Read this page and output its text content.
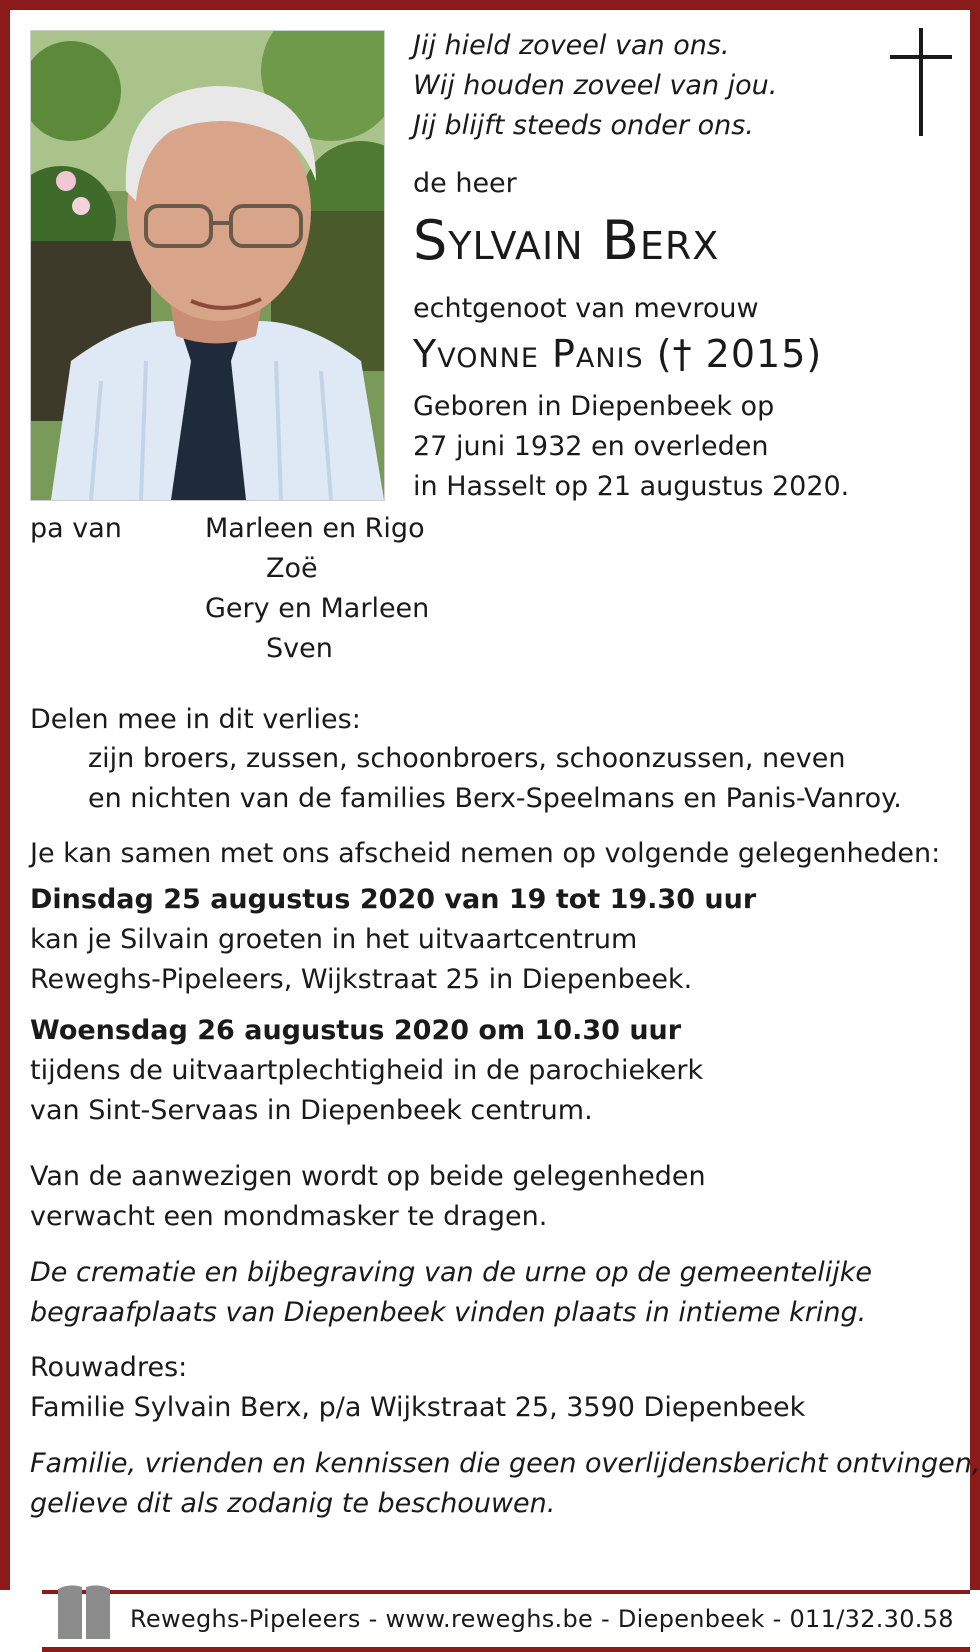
Jij hield zoveel van ons.
Wij houden zoveel van jou.
Jij blijft steeds onder ons.
de heer
Sylvain Berx
echtgenoot van mevrouw
Yvonne Panis († 2015)
Geboren in Diepenbeek op
27 juni 1932 en overleden
in Hasselt op 21 augustus 2020.
pa van	Marleen en Rigo
Zoë
Gery en Marleen
Sven
Delen mee in dit verlies:
zijn broers, zussen, schoonbroers, schoonzussen, neven
en nichten van de families Berx-Speelmans en Panis-Vanroy.
Je kan samen met ons afscheid nemen op volgende gelegenheden:
Dinsdag 25 augustus 2020 van 19 tot 19.30 uur
kan je Silvain groeten in het uitvaartcentrum
Reweghs-Pipeleers, Wijkstraat 25 in Diepenbeek.
Woensdag 26 augustus 2020 om 10.30 uur
tijdens de uitvaartplechtigheid in de parochiekerk
van Sint-Servaas in Diepenbeek centrum.
Van de aanwezigen wordt op beide gelegenheden
verwacht een mondmasker te dragen.
De crematie en bijbegraving van de urne op de gemeentelijke
begraafplaats van Diepenbeek vinden plaats in intieme kring.
Rouwadres:
Familie Sylvain Berx, p/a Wijkstraat 25, 3590 Diepenbeek
Familie, vrienden en kennissen die geen overlijdensbericht ontvingen,
gelieve dit als zodanig te beschouwen.
Reweghs-Pipeleers - www.reweghs.be - Diepenbeek - 011/32.30.58
